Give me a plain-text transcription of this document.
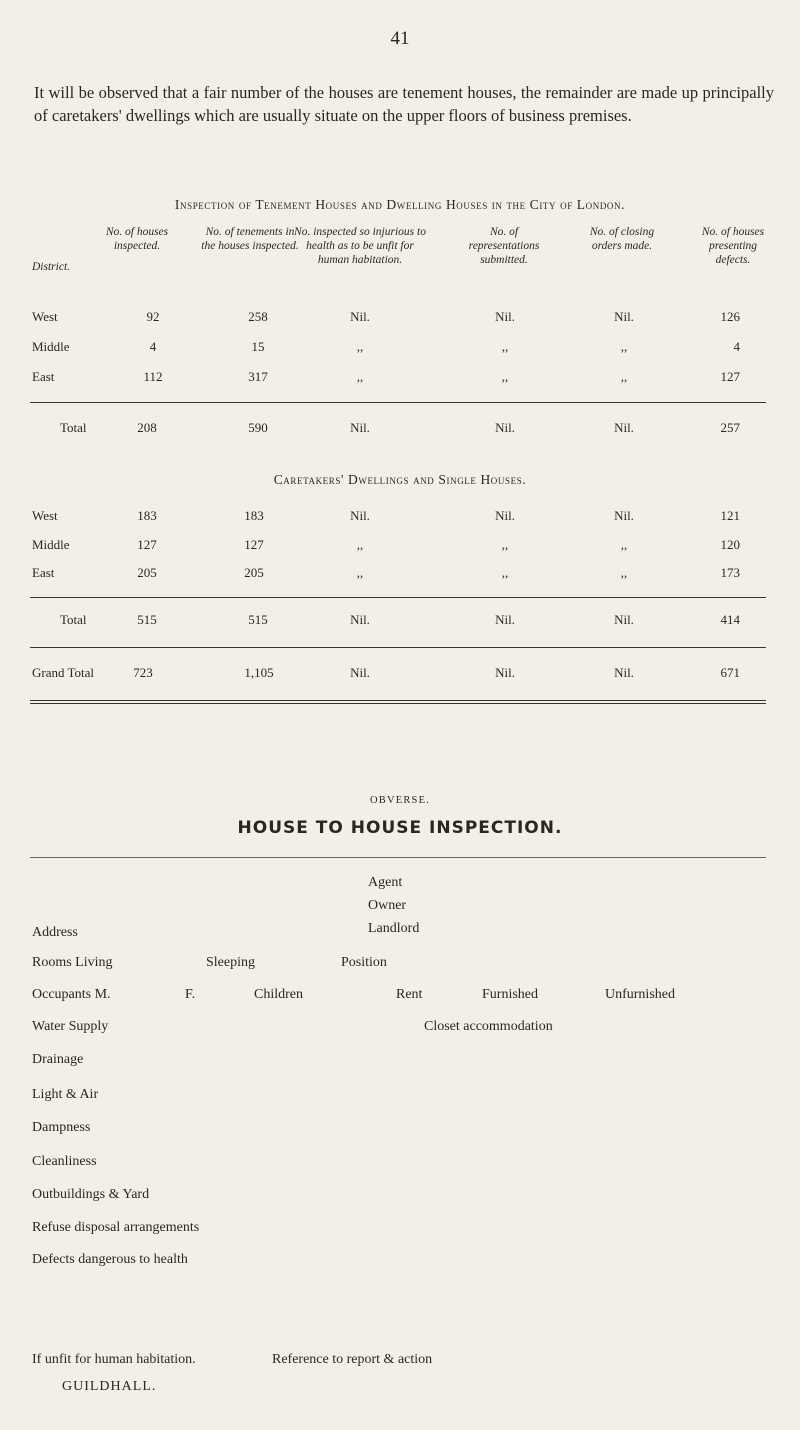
41
It will be observed that a fair number of the houses are tenement houses, the remainder are made up principally of caretakers' dwellings which are usually situate on the upper floors of business premises.
Inspection of Tenement Houses and Dwelling Houses in the City of London.
District.
No. of houses inspected.
No. of tenements in the houses inspected.
No. inspected so injurious to health as to be unfit for human habitation.
No. of representations submitted.
No. of closing orders made.
No. of houses presenting defects.
West	92	258	Nil.	Nil.	Nil.	126
Middle	4	15	,,	,,	,,	4
East	112	317	,,	,,	,,	127
Total	208	590	Nil.	Nil.	Nil.	257
Caretakers' Dwellings and Single Houses.
West	183	183	Nil.	Nil.	Nil.	121
Middle	127	127	,,	,,	,,	120
East	205	205	,,	,,	,,	173
Total	515	515	Nil.	Nil.	Nil.	414
Grand Total	723	1,105	Nil.	Nil.	Nil.	671
OBVERSE.
HOUSE TO HOUSE INSPECTION.
Agent
Owner
Landlord
Address
Rooms Living	Sleeping	Position
Occupants M.	F.	Children	Rent	Furnished	Unfurnished
Water Supply	Closet accommodation
Drainage
Light & Air
Dampness
Cleanliness
Outbuildings & Yard
Refuse disposal arrangements
Defects dangerous to health
If unfit for human habitation.	Reference to report & action
GUILDHALL.
